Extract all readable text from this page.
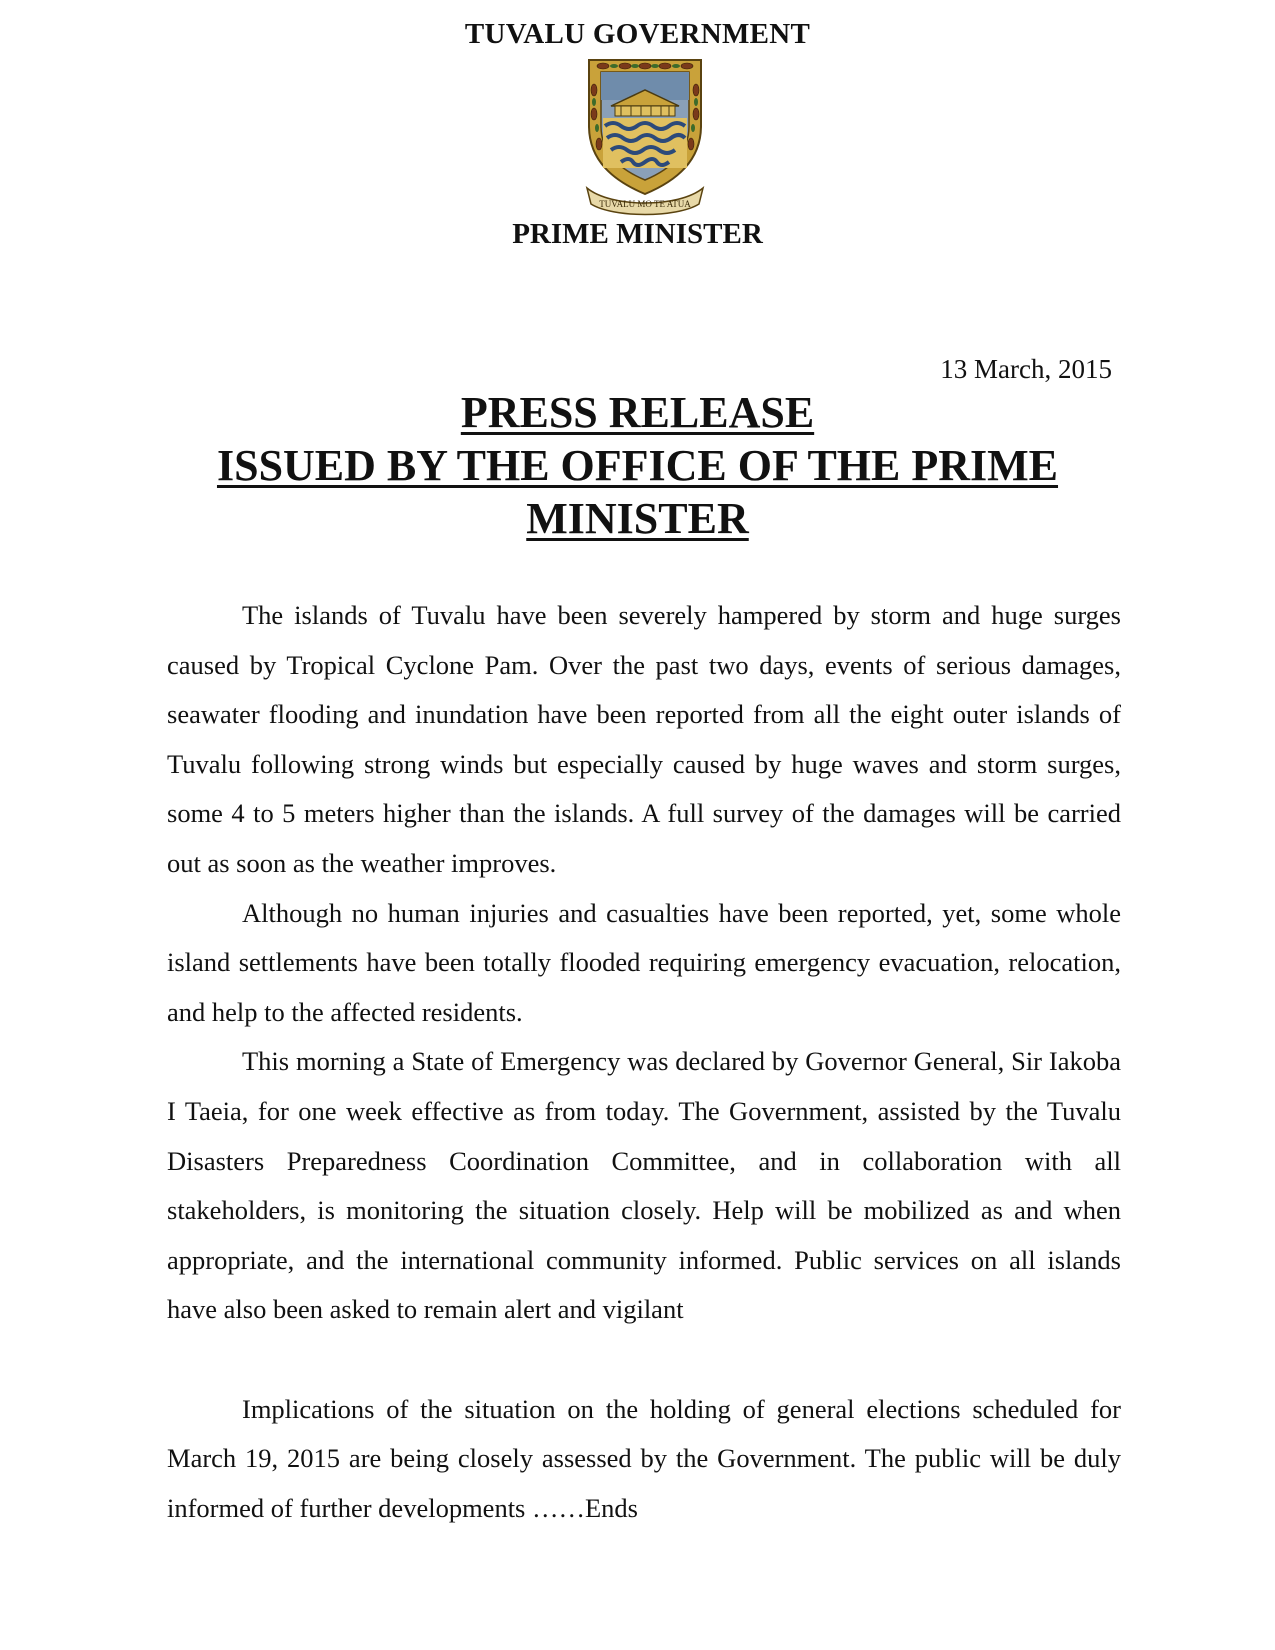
TUVALU GOVERNMENT
TUVALU MO TE ATUA
PRIME MINISTER
13 March, 2015
PRESS RELEASE
ISSUED BY THE OFFICE OF THE PRIME
MINISTER

The islands of Tuvalu have been severely hampered by storm and huge surges caused by Tropical Cyclone Pam. Over the past two days, events of serious damages, seawater flooding and inundation have been reported from all the eight outer islands of Tuvalu following strong winds but especially caused by huge waves and storm surges, some 4 to 5 meters higher than the islands. A full survey of the damages will be carried out as soon as the weather improves.

Although no human injuries and casualties have been reported, yet, some whole island settlements have been totally flooded requiring emergency evacuation, relocation, and help to the affected residents.

This morning a State of Emergency was declared by Governor General, Sir Iakoba I Taeia, for one week effective as from today. The Government, assisted by the Tuvalu Disasters Preparedness Coordination Committee, and in collaboration with all stakeholders, is monitoring the situation closely. Help will be mobilized as and when appropriate, and the international community informed. Public services on all islands have also been asked to remain alert and vigilant

Implications of the situation on the holding of general elections scheduled for March 19, 2015 are being closely assessed by the Government. The public will be duly informed of further developments ……Ends
